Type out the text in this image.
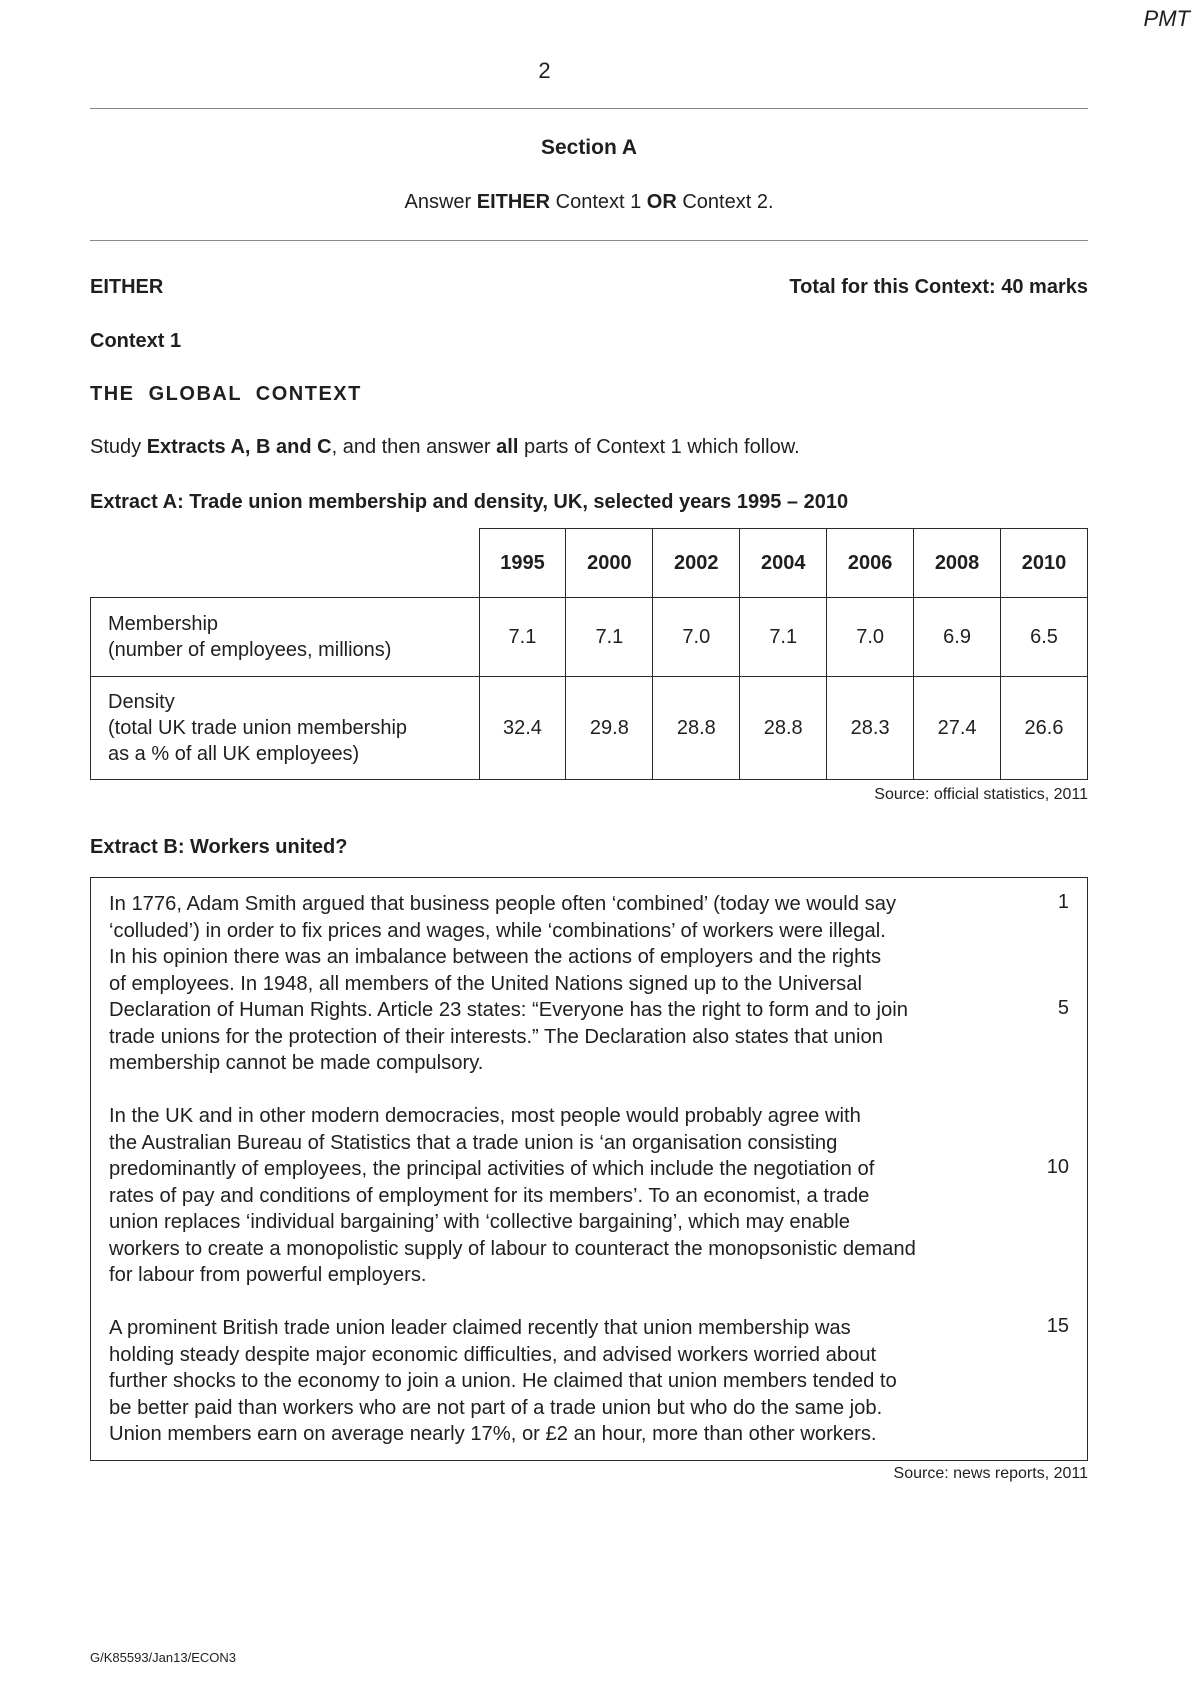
PMT
2
Section A
Answer EITHER Context 1 OR Context 2.
EITHER	Total for this Context: 40 marks
Context 1
THE  GLOBAL  CONTEXT
Study Extracts A, B and C, and then answer all parts of Context 1 which follow.
Extract A: Trade union membership and density, UK, selected years 1995 – 2010
	1995	2000	2002	2004	2006	2008	2010

Membership
(number of employees, millions)	7.1	7.1	7.0	7.1	7.0	6.9	6.5

Density
(total UK trade union membership
as a % of all UK employees)	32.4	29.8	28.8	28.8	28.3	27.4	26.6
Source: official statistics, 2011
Extract B: Workers united?
In 1776, Adam Smith argued that business people often ‘combined’ (today we would say
‘colluded’) in order to fix prices and wages, while ‘combinations’ of workers were illegal.
In his opinion there was an imbalance between the actions of employers and the rights
of employees. In 1948, all members of the United Nations signed up to the Universal
Declaration of Human Rights. Article 23 states: “Everyone has the right to form and to join
trade unions for the protection of their interests.” The Declaration also states that union
membership cannot be made compulsory.
In the UK and in other modern democracies, most people would probably agree with
the Australian Bureau of Statistics that a trade union is ‘an organisation consisting
predominantly of employees, the principal activities of which include the negotiation of
rates of pay and conditions of employment for its members’. To an economist, a trade
union replaces ‘individual bargaining’ with ‘collective bargaining’, which may enable
workers to create a monopolistic supply of labour to counteract the monopsonistic demand
for labour from powerful employers.
A prominent British trade union leader claimed recently that union membership was
holding steady despite major economic difficulties, and advised workers worried about
further shocks to the economy to join a union. He claimed that union members tended to
be better paid than workers who are not part of a trade union but who do the same job.
Union members earn on average nearly 17%, or £2 an hour, more than other workers.
1
5
10
15
Source: news reports, 2011
G/K85593/Jan13/ECON3
